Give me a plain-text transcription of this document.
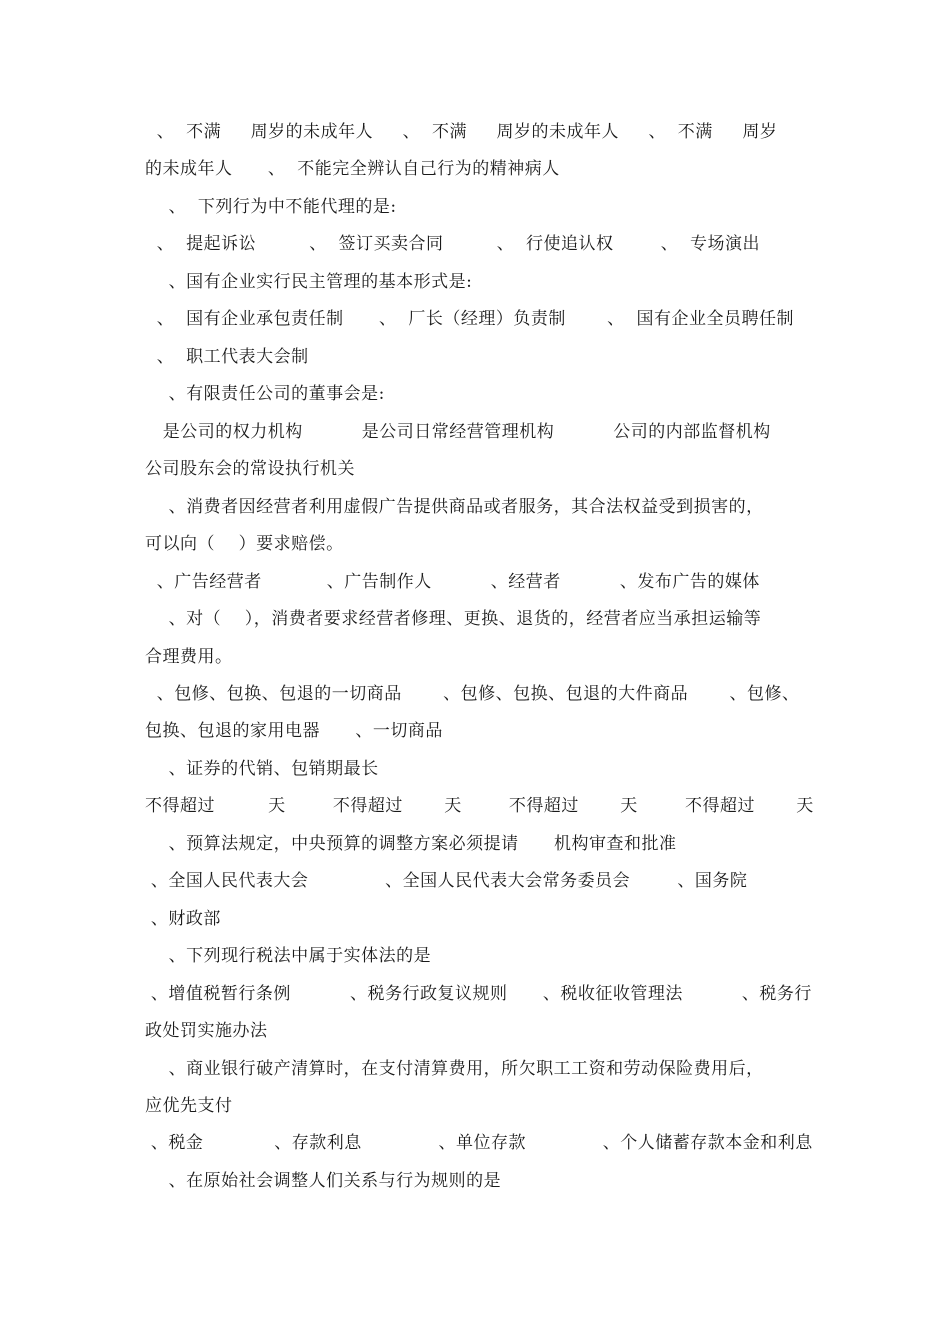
、  不满     周岁的未成年人     、  不满     周岁的未成年人     、  不满     周岁
的未成年人      、  不能完全辨认自己行为的精神病人
、  下列行为中不能代理的是:
、  提起诉讼         、  签订买卖合同         、  行使追认权        、  专场演出
、国有企业实行民主管理的基本形式是:
、  国有企业承包责任制      、  厂长（经理）负责制       、  国有企业全员聘任制
、  职工代表大会制
、有限责任公司的董事会是:
是公司的权力机构          是公司日常经营管理机构          公司的内部监督机构
公司股东会的常设执行机关
、消费者因经营者利用虚假广告提供商品或者服务，其合法权益受到损害的，
可以向（    ）要求赔偿。
、广告经营者           、广告制作人          、经营者          、发布广告的媒体
、对（    ），消费者要求经营者修理、更换、退货的，经营者应当承担运输等
合理费用。
、包修、包换、包退的一切商品       、包修、包换、包退的大件商品       、包修、
包换、包退的家用电器      、一切商品
、证券的代销、包销期最长
不得超过         天        不得超过       天        不得超过       天        不得超过       天
、预算法规定，中央预算的调整方案必须提请      机构审查和批准
、全国人民代表大会             、全国人民代表大会常务委员会        、国务院
、财政部
、下列现行税法中属于实体法的是
、增值税暂行条例          、税务行政复议规则      、税收征收管理法          、税务行
政处罚实施办法
、商业银行破产清算时，在支付清算费用，所欠职工工资和劳动保险费用后，
应优先支付
、税金            、存款利息             、单位存款             、个人储蓄存款本金和利息
、在原始社会调整人们关系与行为规则的是
